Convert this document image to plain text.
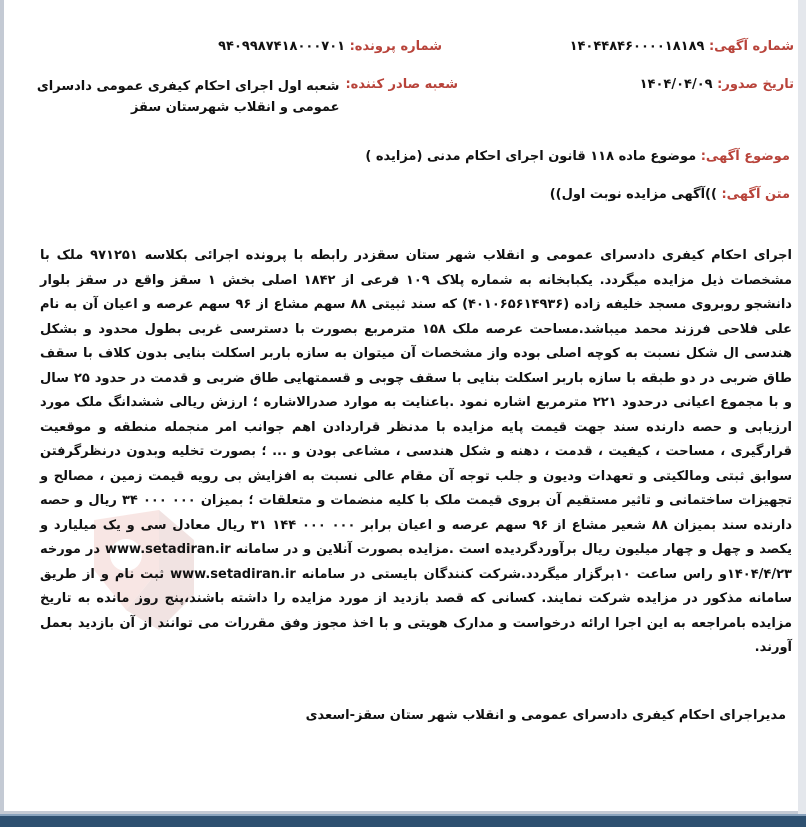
شماره آگهی: ۱۴۰۴۴۸۴۶۰۰۰۰۱۸۱۸۹
شماره پرونده: ۹۴۰۹۹۸۷۴۱۸۰۰۰۷۰۱
تاریخ صدور: ۱۴۰۴/۰۴/۰۹
شعبه صادر کننده:
شعبه اول اجرای احکام کیفری عمومی دادسرای عمومی و انقلاب شهرستان سقز
موضوع آگهی: موضوع ماده ۱۱۸ قانون اجرای احکام مدنی (مزایده )
متن آگهی: ))آگهی مزایده نوبت اول))
اجرای احکام کیفری دادسرای عمومی و انقلاب شهر ستان سقزدر رابطه با پرونده اجرائی بکلاسه ۹۷۱۲۵۱ ملک با مشخصات ذیل مزایده میگردد. یکبابخانه به شماره پلاک ۱۰۹ فرعی از ۱۸۴۲ اصلی بخش ۱ سقز واقع در سقز بلوار دانشجو روبروی مسجد خلیفه زاده (۴۰۱۰۶۵۶۱۴۹۳۶) که سند ثبیتی ۸۸ سهم مشاع از ۹۶ سهم عرصه و اعیان آن به نام علی فلاحی فرزند محمد میباشد.مساحت عرصه ملک ۱۵۸ مترمربع بصورت با دسترسی غربی بطول محدود و بشکل هندسی ال شکل نسبت به کوچه اصلی بوده واز مشخصات آن میتوان به سازه باربر اسکلت بنایی بدون کلاف با سقف طاق ضربی در دو طبقه با سازه باربر اسکلت بنایی با سقف چوبی و قسمتهایی طاق ضربی و قدمت در حدود ۲۵ سال و با مجموع اعیانی درحدود ۲۲۱ مترمربع اشاره نمود .باعنایت به موارد صدرالاشاره ؛ ارزش ریالی ششدانگ ملک مورد ارزیابی و حصه دارنده سند جهت قیمت پایه مزایده با مدنظر قراردادن اهم جوانب امر منجمله منطقه و موقعیت قرارگیری ، مساحت ، کیفیت ، قدمت ، دهنه و شکل هندسی ، مشاعی بودن و ... ؛ بصورت تخلیه وبدون درنظرگرفتن سوابق ثبتی ومالکیتی و تعهدات ودیون و جلب توجه آن مقام عالی نسبت به افزایش بی رویه قیمت زمین ، مصالح و تجهیزات ساختمانی و تاثیر مستقیم آن بروی قیمت ملک با کلیه منضمات و متعلقات ؛ بمیزان ۰۰۰ ۰۰۰ ۳۴ ریال و حصه دارنده سند بمیزان ۸۸ شعیر مشاع از ۹۶ سهم عرصه و اعیان برابر ۰۰۰ ۰۰۰ ۱۴۴ ۳۱ ریال معادل سی و یک میلیارد و یکصد و چهل و چهار میلیون ریال برآوردگردیده است .مزایده بصورت آنلاین و در سامانه www.setadiran.ir در مورخه ۱۴۰۴/۴/۲۳و راس ساعت ۱۰برگزار میگردد.شرکت کنندگان بایستی در سامانه www.setadiran.ir ثبت نام و از طریق سامانه مذکور در مزایده شرکت نمایند. کسانی که قصد بازدید از مورد مزایده را داشته باشند،پنج روز مانده به تاریخ مزایده بامراجعه به این اجرا ارائه درخواست و مدارک هویتی و با اخذ مجوز وفق مقررات می توانند از آن بازدید بعمل آورند.
مدیراجرای احکام کیفری دادسرای عمومی و انقلاب شهر ستان سقز-اسعدی
